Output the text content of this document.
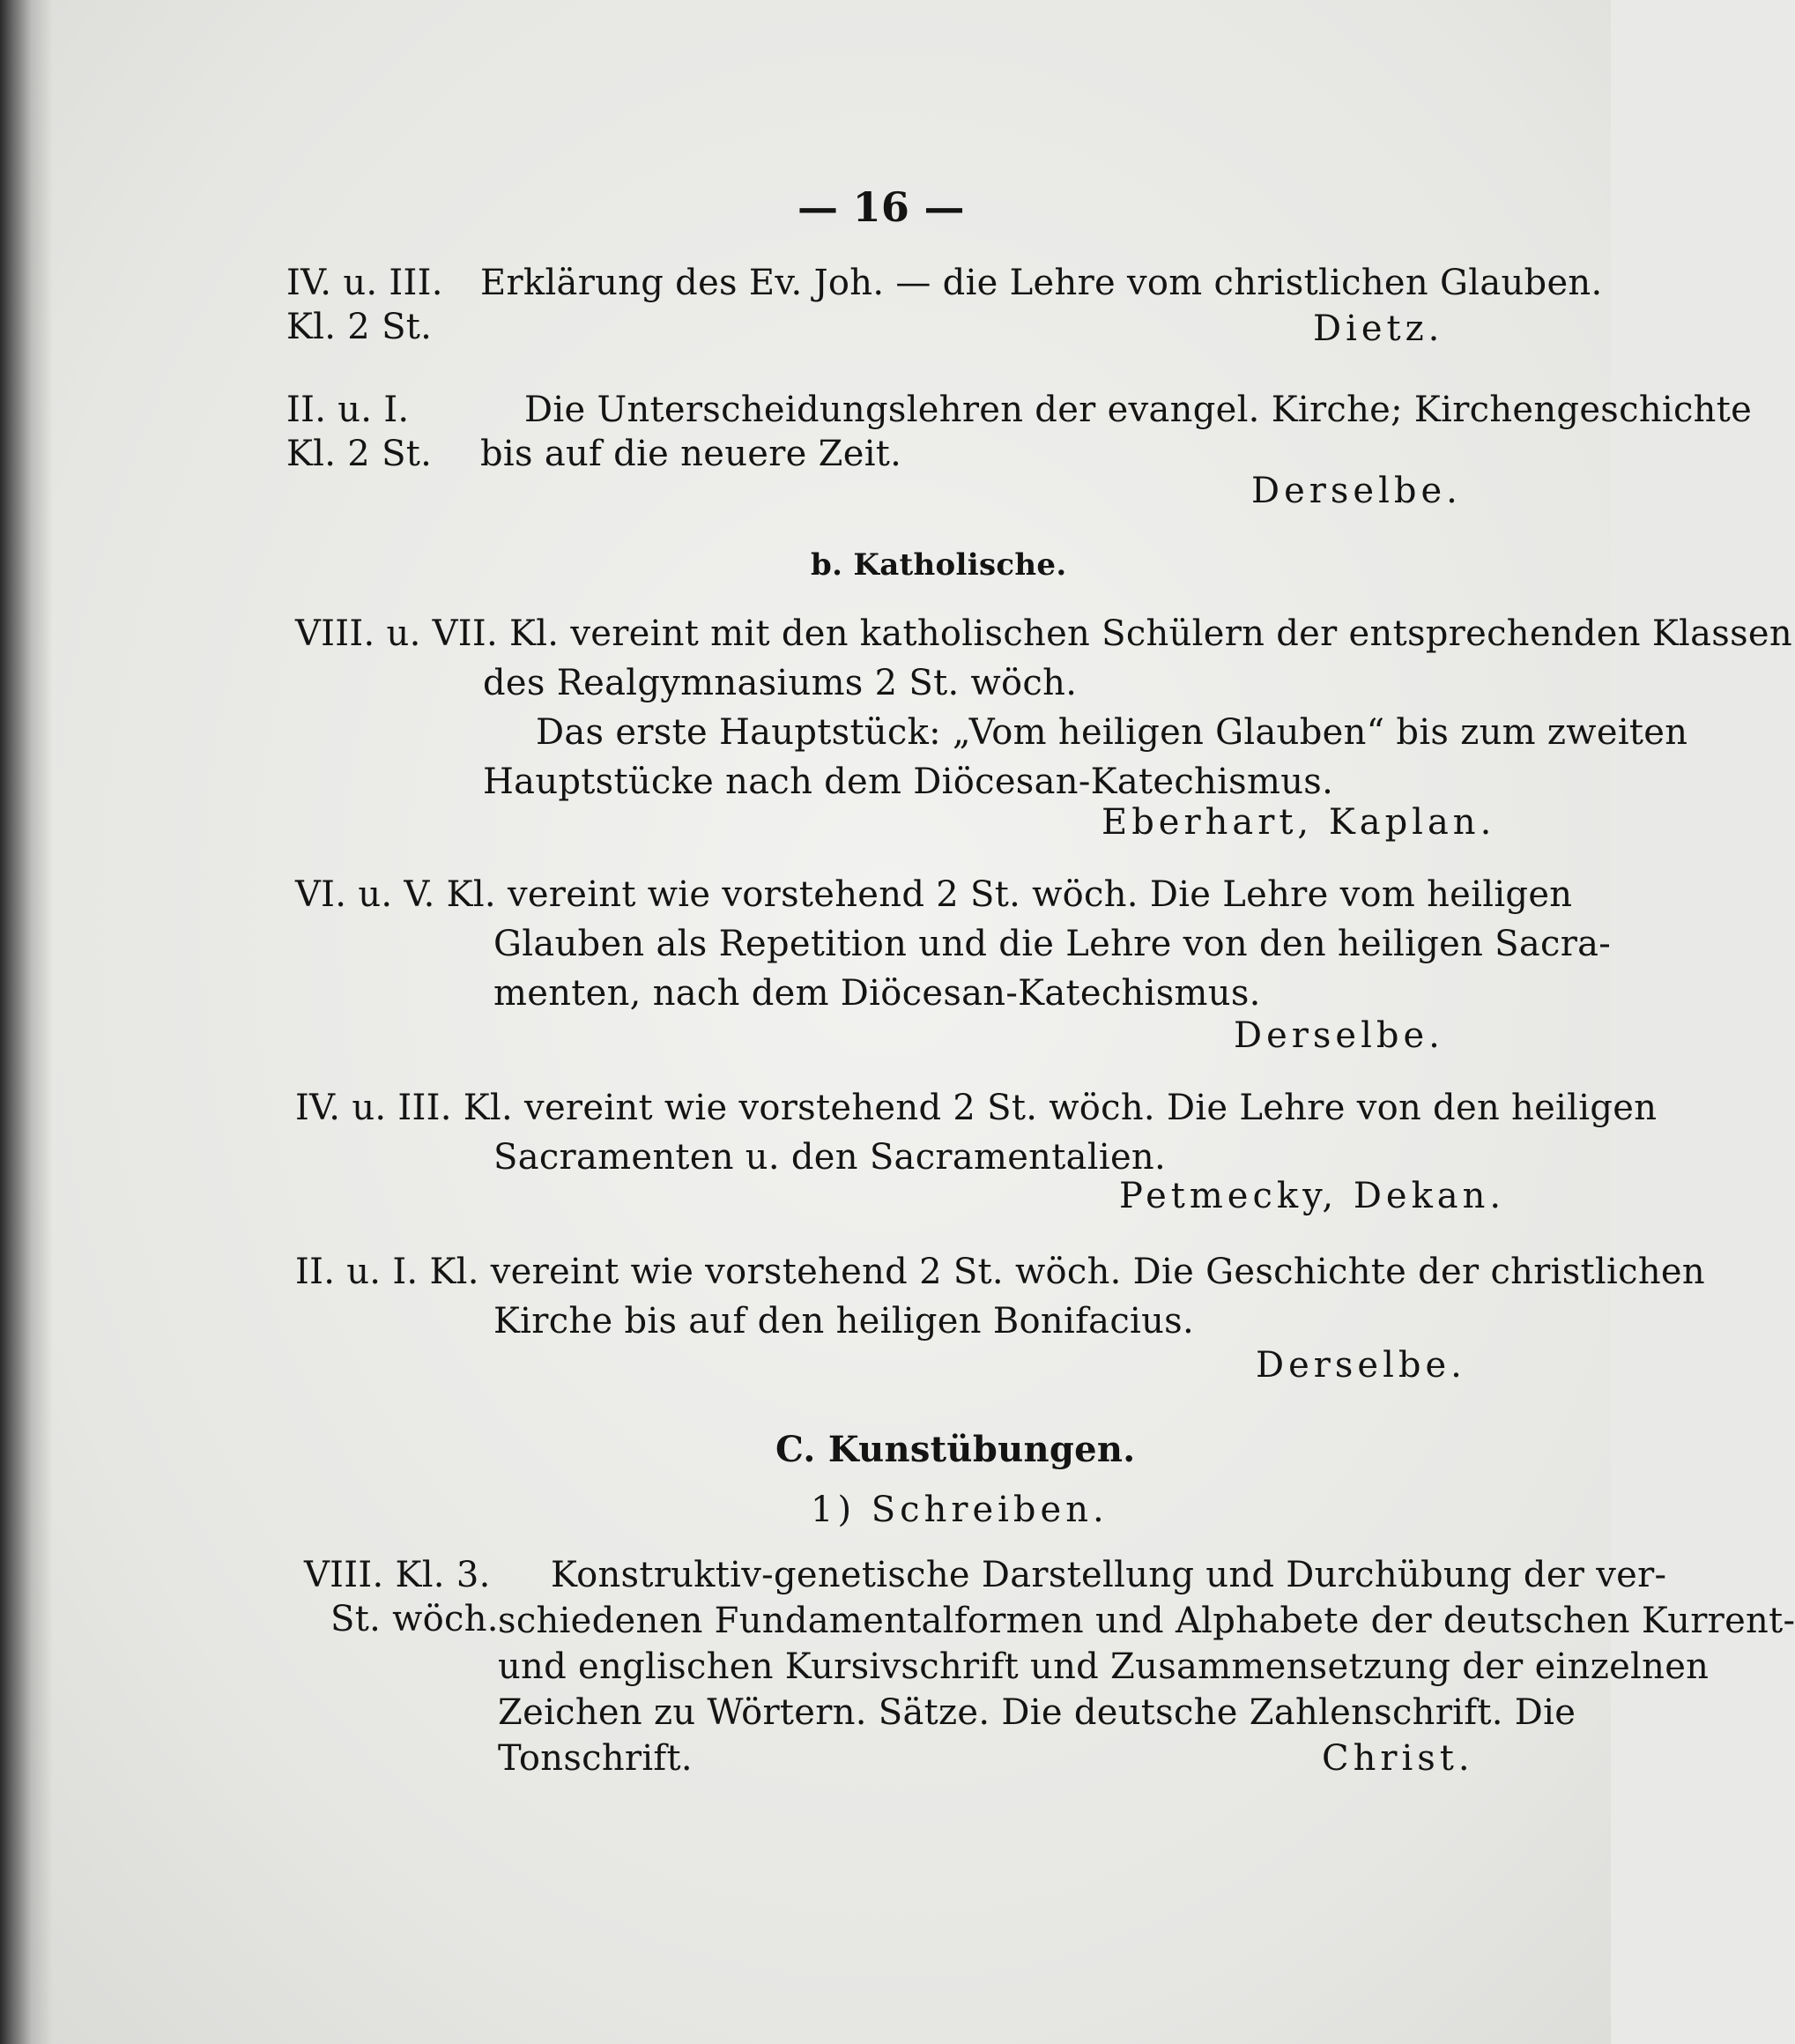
— 16 —
IV. u. III.
Kl. 2 St.
Erklärung des Ev. Joh. — die Lehre vom christlichen Glauben.
Dietz.
II. u. I.
Kl. 2 St.
Die Unterscheidungslehren der evangel. Kirche; Kirchengeschichte
bis auf die neuere Zeit.
Derselbe.
b. Katholische.
VIII. u. VII. Kl. vereint mit den katholischen Schülern der entsprechenden Klassen
des Realgymnasiums 2 St. wöch.
Das erste Hauptstück: „Vom heiligen Glauben“ bis zum zweiten
Hauptstücke nach dem Diöcesan-Katechismus.
Eberhart, Kaplan.
VI. u. V. Kl. vereint wie vorstehend 2 St. wöch. Die Lehre vom heiligen
Glauben als Repetition und die Lehre von den heiligen Sacra-
menten, nach dem Diöcesan-Katechismus.
Derselbe.
IV. u. III. Kl. vereint wie vorstehend 2 St. wöch. Die Lehre von den heiligen
Sacramenten u. den Sacramentalien.
Petmecky, Dekan.
II. u. I. Kl. vereint wie vorstehend 2 St. wöch. Die Geschichte der christlichen
Kirche bis auf den heiligen Bonifacius.
Derselbe.
C. Kunstübungen.
1) Schreiben.
VIII. Kl. 3.
St. wöch.
Konstruktiv-genetische Darstellung und Durchübung der ver-
schiedenen Fundamentalformen und Alphabete der deutschen Kurrent-
und englischen Kursivschrift und Zusammensetzung der einzelnen
Zeichen zu Wörtern. Sätze. Die deutsche Zahlenschrift. Die
Tonschrift.	Christ.
